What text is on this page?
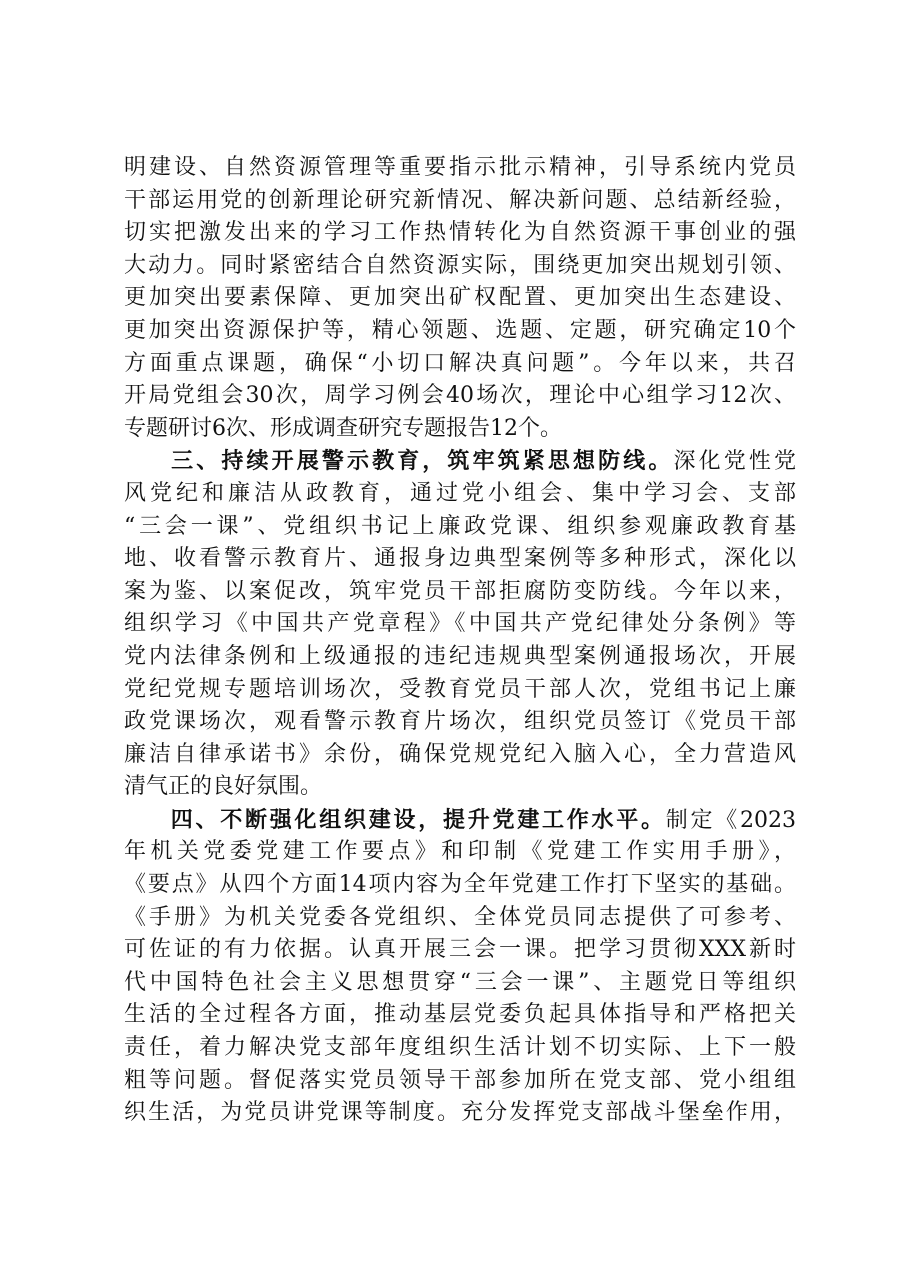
明建设、自然资源管理等重要指示批示精神，引导系统内党员
干部运用党的创新理论研究新情况、解决新问题、总结新经验，
切实把激发出来的学习工作热情转化为自然资源干事创业的强
大动力。同时紧密结合自然资源实际，围绕更加突出规划引领、
更加突出要素保障、更加突出矿权配置、更加突出生态建设、
更加突出资源保护等，精心领题、选题、定题，研究确定10个
方面重点课题，确保“小切口解决真问题”。今年以来，共召
开局党组会30次，周学习例会40场次，理论中心组学习12次、
专题研讨6次、形成调查研究专题报告12个。
三、持续开展警示教育，筑牢筑紧思想防线。深化党性党
风党纪和廉洁从政教育，通过党小组会、集中学习会、支部
“三会一课”、党组织书记上廉政党课、组织参观廉政教育基
地、收看警示教育片、通报身边典型案例等多种形式，深化以
案为鉴、以案促改，筑牢党员干部拒腐防变防线。今年以来，
组织学习《中国共产党章程》《中国共产党纪律处分条例》等
党内法律条例和上级通报的违纪违规典型案例通报场次，开展
党纪党规专题培训场次，受教育党员干部人次，党组书记上廉
政党课场次，观看警示教育片场次，组织党员签订《党员干部
廉洁自律承诺书》余份，确保党规党纪入脑入心，全力营造风
清气正的良好氛围。
四、不断强化组织建设，提升党建工作水平。制定《2023
年机关党委党建工作要点》和印制《党建工作实用手册》，
《要点》从四个方面14项内容为全年党建工作打下坚实的基础。
《手册》为机关党委各党组织、全体党员同志提供了可参考、
可佐证的有力依据。认真开展三会一课。把学习贯彻XXX新时
代中国特色社会主义思想贯穿“三会一课”、主题党日等组织
生活的全过程各方面，推动基层党委负起具体指导和严格把关
责任，着力解决党支部年度组织生活计划不切实际、上下一般
粗等问题。督促落实党员领导干部参加所在党支部、党小组组
织生活，为党员讲党课等制度。充分发挥党支部战斗堡垒作用，
